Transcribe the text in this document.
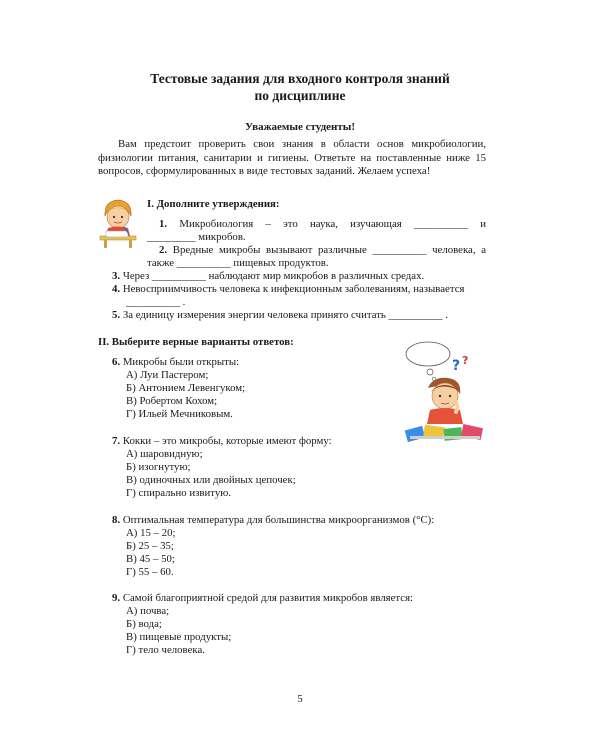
Тестовые задания для входного контроля знаний
по дисциплине
Уважаемые студенты!
Вам предстоит проверить свои знания в области основ микробиологии,
физиологии питания, санитарии и гигиены. Ответьте на поставленные ниже 15
вопросов, сформулированных в виде тестовых заданий. Желаем успеха!
I. Дополните утверждения:
1. Микробиология – это наука, изучающая __________ и
_________ микробов.
2. Вредные микробы вызывают различные __________ человека, а
также __________ пищевых продуктов.
3. Через __________ наблюдают мир микробов в различных средах.
4. Невосприимчивость человека к инфекционным заболеваниям, называется
__________ .
5. За единицу измерения энергии человека принято считать __________ .
II. Выберите верные варианты ответов:
? ?
6. Микробы были открыты:
А) Луи Пастером;
Б) Антонием Левенгуком;
В) Робертом Кохом;
Г) Ильей Мечниковым.
7. Кокки – это микробы, которые имеют форму:
А) шаровидную;
Б) изогнутую;
В) одиночных или двойных цепочек;
Г) спирально извитую.
8. Оптимальная температура для большинства микроорганизмов (°С):
А) 15 – 20;
Б) 25 – 35;
В) 45 – 50;
Г) 55 – 60.
9. Самой благоприятной средой для развития микробов является:
А) почва;
Б) вода;
В) пищевые продукты;
Г) тело человека.
5
